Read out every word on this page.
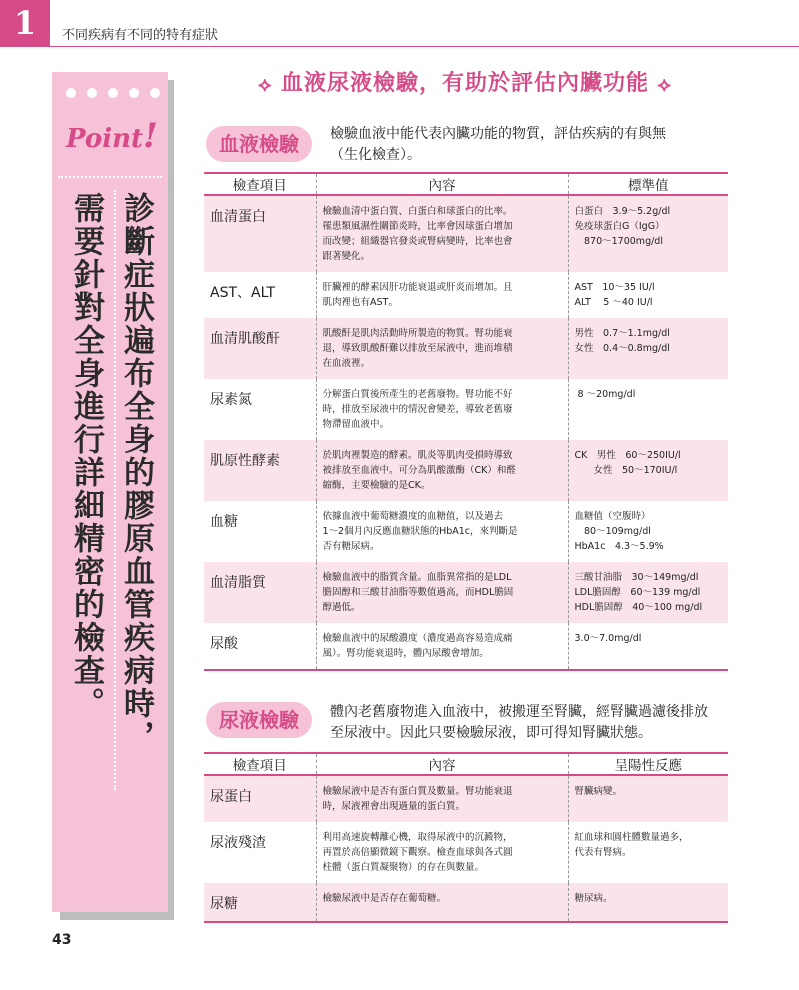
1	不同疾病有不同的特有症狀
Point!
診斷症狀遍布全身的膠原血管疾病時，
需要針對全身進行詳細精密的檢查。
⟡ 血液尿液檢驗，有助於評估內臟功能 ⟡
血液檢驗	檢驗血液中能代表內臟功能的物質，評估疾病的有與無
（生化檢查）。
檢查項目	內容	標準值
血清蛋白	檢驗血清中蛋白質、白蛋白和球蛋白的比率。
罹患類風濕性關節炎時，比率會因球蛋白增加
而改變；組織器官發炎或腎病變時，比率也會
跟著變化。	白蛋白　3.9～5.2g/dl
免疫球蛋白G（IgG）
　870～1700mg/dl

AST、ALT	肝臟裡的酵素因肝功能衰退或肝炎而增加。且
肌肉裡也有AST。	AST　10～35 IU/l
ALT　 5 ～40 IU/l

血清肌酸酐	肌酸酐是肌肉活動時所製造的物質。腎功能衰
退，導致肌酸酐難以排放至尿液中，進而堆積
在血液裡。	男性　0.7～1.1mg/dl
女性　0.4～0.8mg/dl

尿素氮	分解蛋白質後所產生的老舊廢物。腎功能不好
時，排放至尿液中的情況會變差，導致老舊廢
物滯留血液中。	8 ～20mg/dl

肌原性酵素	於肌肉裡製造的酵素。肌炎等肌肉受損時導致
被排放至血液中。可分為肌酸激酶（CK）和醛
縮酶，主要檢驗的是CK。	CK　男性　60～250IU/l
　　女性　50～170IU/l

血糖	依據血液中葡萄糖濃度的血糖值，以及過去
1～2個月內反應血糖狀態的HbA1c，來判斷是
否有糖尿病。	血糖值（空腹時）
　80～109mg/dl
HbA1c　4.3～5.9%

血清脂質	檢驗血液中的脂質含量。血脂異常指的是LDL
膽固醇和三酸甘油脂等數值過高，而HDL膽固
醇過低。	三酸甘油脂　30～149mg/dl
LDL膽固醇　60～139 mg/dl
HDL膽固醇　40～100 mg/dl

尿酸	檢驗血液中的尿酸濃度（濃度過高容易造成痛
風）。腎功能衰退時，體內尿酸會增加。	3.0～7.0mg/dl
尿液檢驗	體內老舊廢物進入血液中，被搬運至腎臟，經腎臟過濾後排放
至尿液中。因此只要檢驗尿液，即可得知腎臟狀態。
檢查項目	內容	呈陽性反應
尿蛋白	檢驗尿液中是否有蛋白質及數量。腎功能衰退
時，尿液裡會出現過量的蛋白質。	腎臟病變。

尿液殘渣	利用高速旋轉離心機，取得尿液中的沉澱物，
再置於高倍顯微鏡下觀察。檢查血球與各式圓
柱體（蛋白質凝聚物）的存在與數量。	紅血球和圓柱體數量過多，
代表有腎病。

尿糖	檢驗尿液中是否存在葡萄糖。	糖尿病。
43
